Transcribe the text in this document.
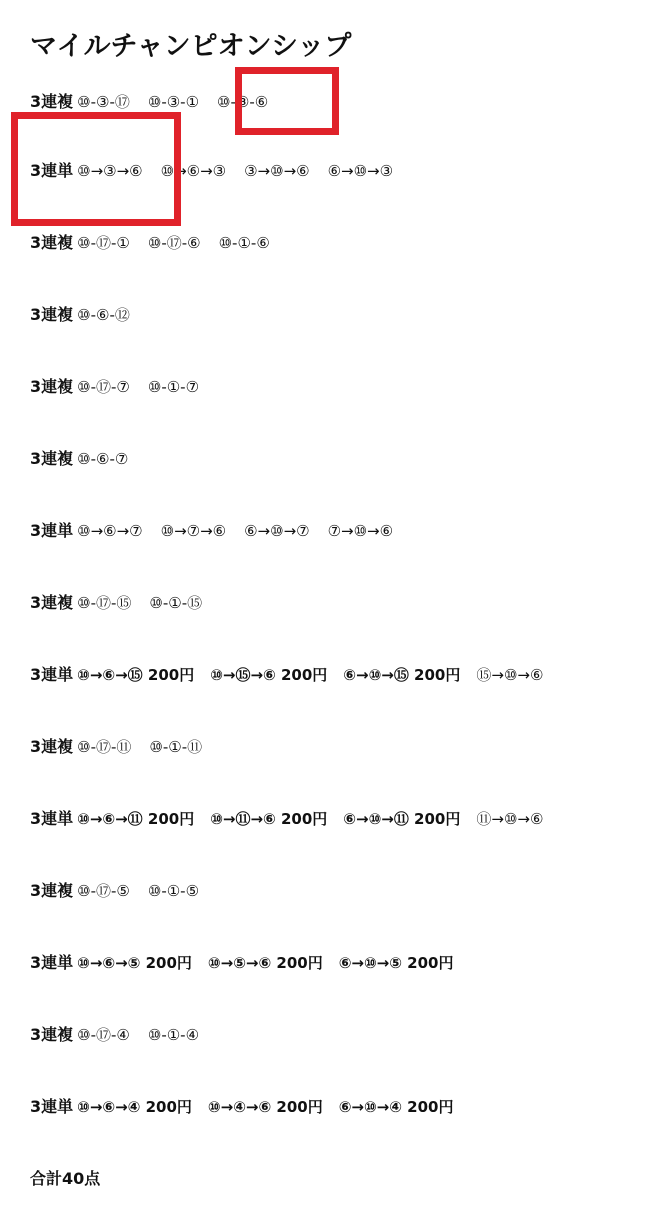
マイルチャンピオンシップ
3連複 ⑩-③-⑰ ⑩-③-① ⑩-③-⑥
3連単 ⑩→③→⑥ ⑩→⑥→③ ③→⑩→⑥ ⑥→⑩→③
3連複 ⑩-⑰-① ⑩-⑰-⑥ ⑩-①-⑥
3連複 ⑩-⑥-⑫
3連複 ⑩-⑰-⑦ ⑩-①-⑦
3連複 ⑩-⑥-⑦
3連単 ⑩→⑥→⑦ ⑩→⑦→⑥ ⑥→⑩→⑦ ⑦→⑩→⑥
3連複 ⑩-⑰-⑮ ⑩-①-⑮
3連単 ⑩→⑥→⑮ 200円 ⑩→⑮→⑥ 200円 ⑥→⑩→⑮ 200円 ⑮→⑩→⑥
3連複 ⑩-⑰-⑪ ⑩-①-⑪
3連単 ⑩→⑥→⑪ 200円 ⑩→⑪→⑥ 200円 ⑥→⑩→⑪ 200円 ⑪→⑩→⑥
3連複 ⑩-⑰-⑤ ⑩-①-⑤
3連単 ⑩→⑥→⑤ 200円 ⑩→⑤→⑥ 200円 ⑥→⑩→⑤ 200円
3連複 ⑩-⑰-④ ⑩-①-④
3連単 ⑩→⑥→④ 200円 ⑩→④→⑥ 200円 ⑥→⑩→④ 200円
合計40点
